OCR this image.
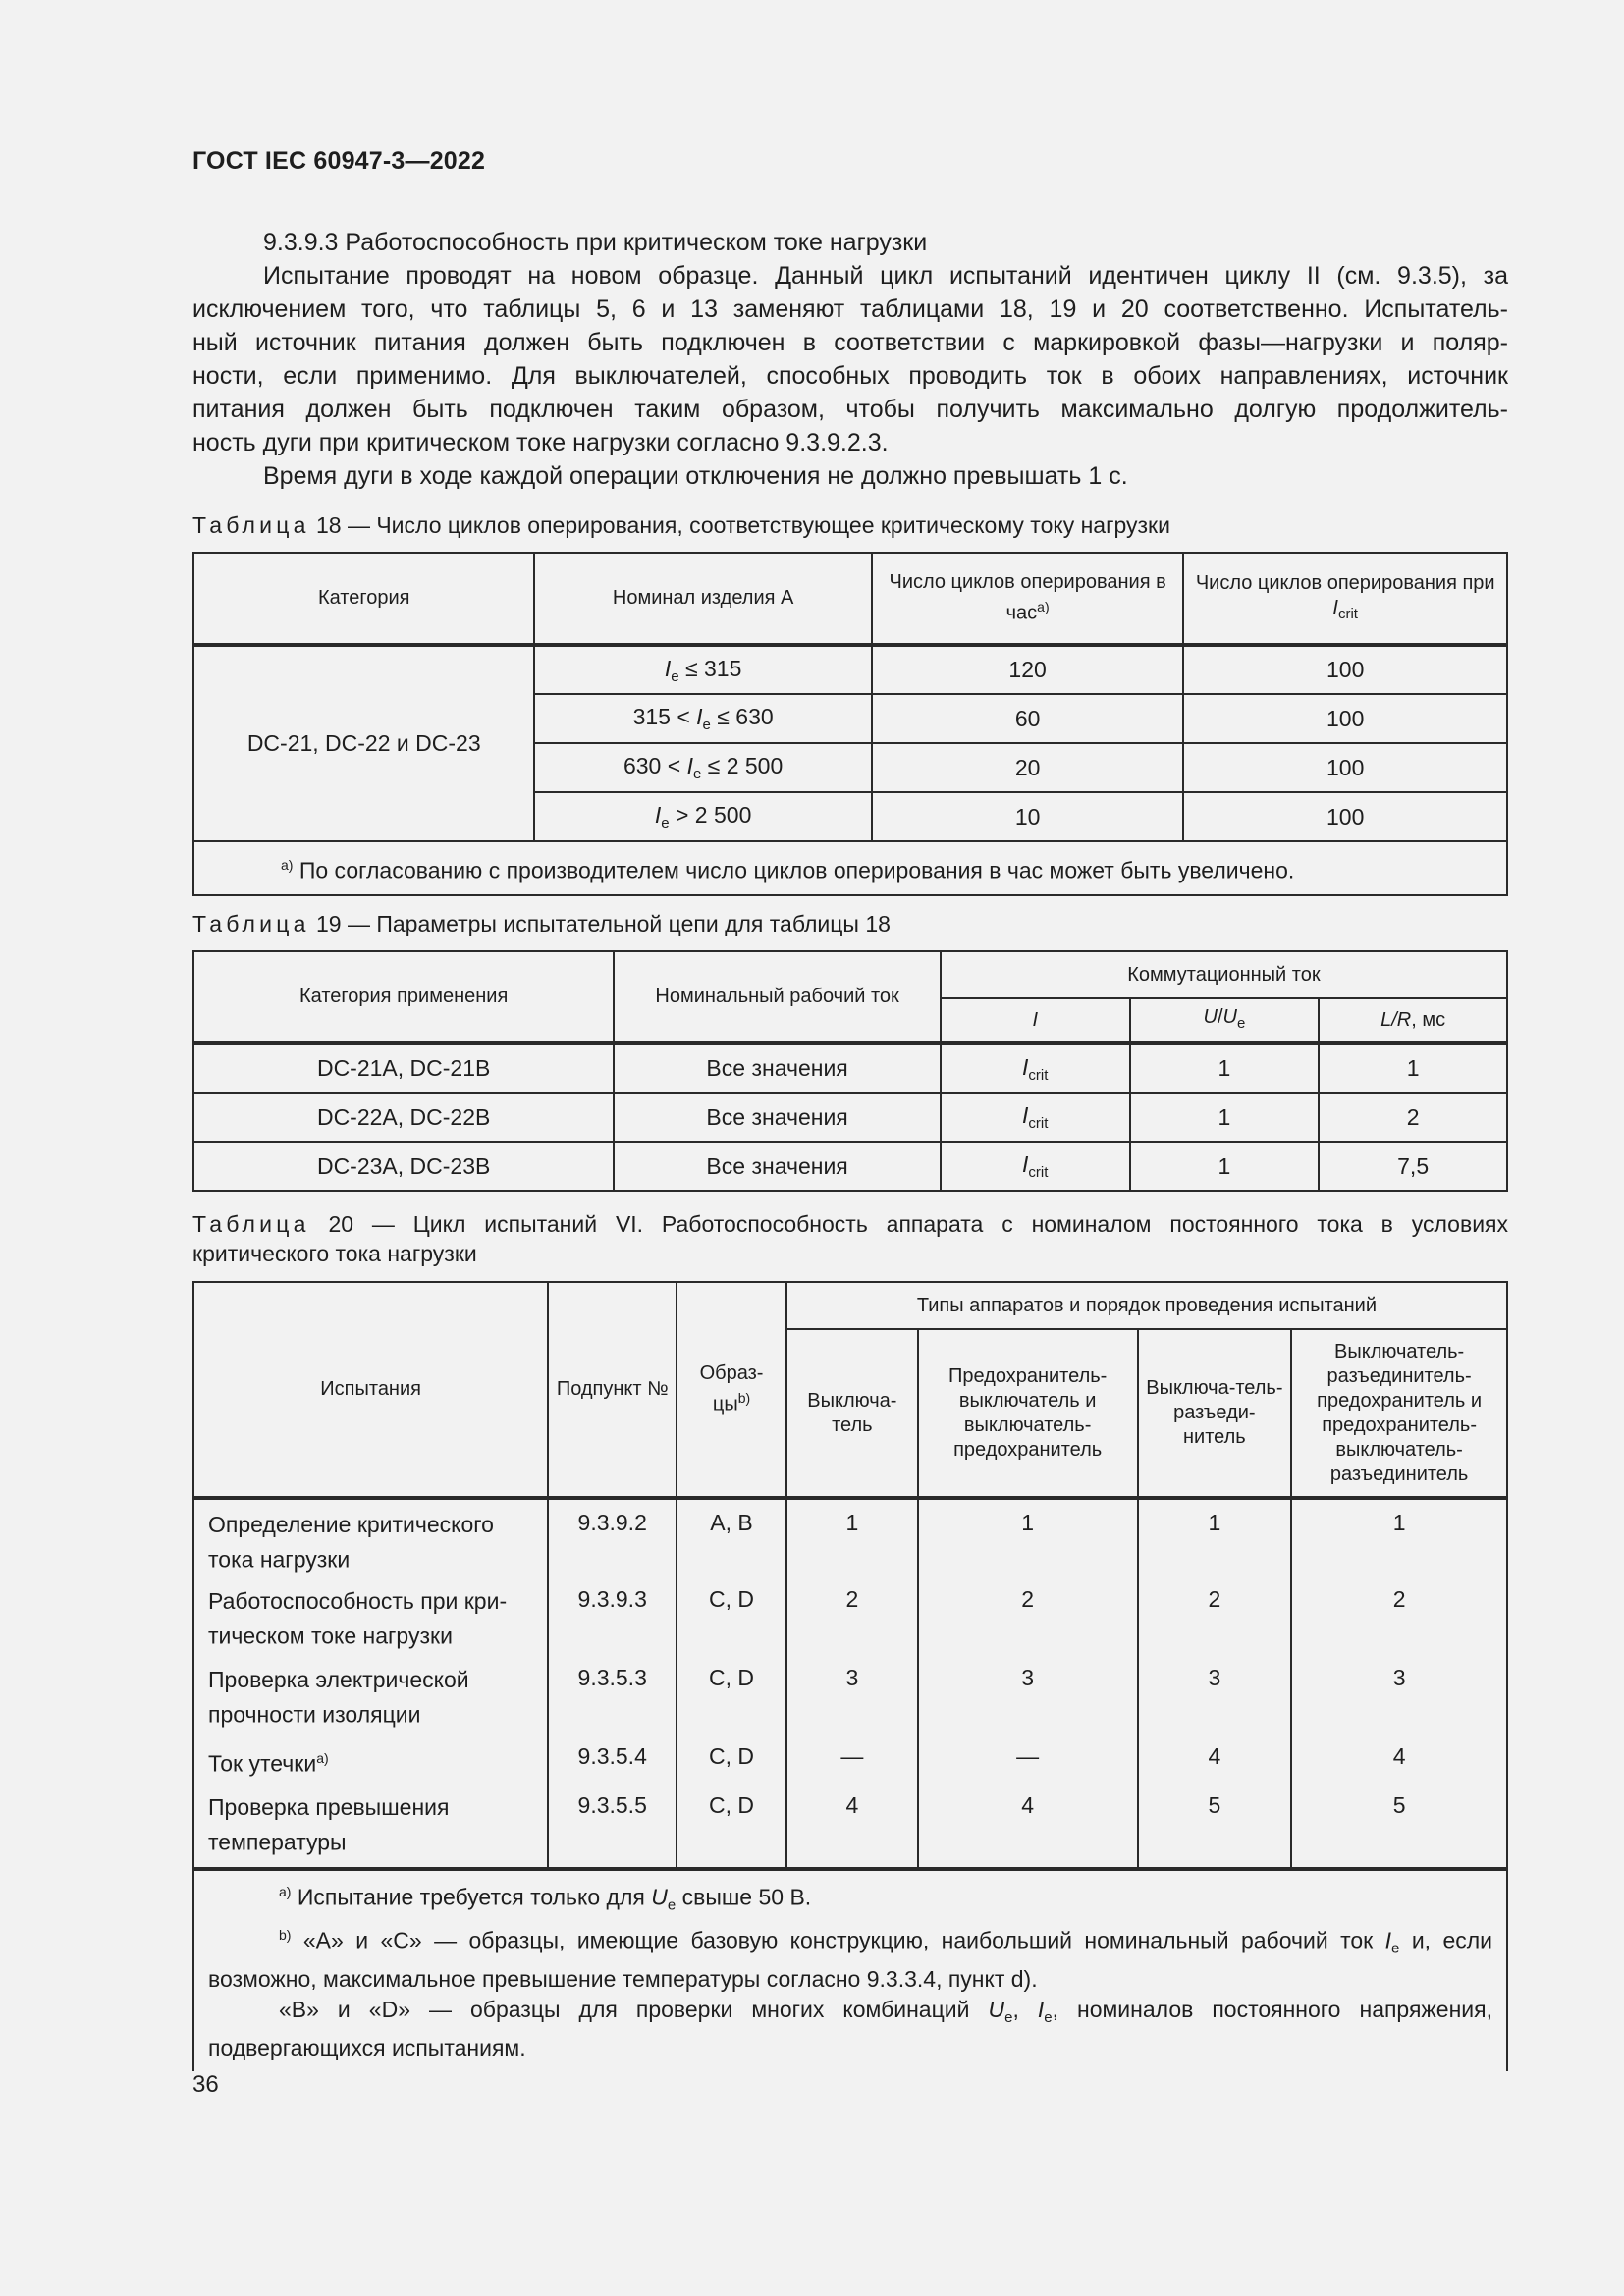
ГОСТ IEC 60947-3—2022
9.3.9.3 Работоспособность при критическом токе нагрузки
Испытание проводят на новом образце. Данный цикл испытаний идентичен циклу II (см. 9.3.5), за
исключением того, что таблицы 5, 6 и 13 заменяют таблицами 18, 19 и 20 соответственно. Испытатель-
ный источник питания должен быть подключен в соответствии с маркировкой фазы—нагрузки и поляр-
ности, если применимо. Для выключателей, способных проводить ток в обоих направлениях, источник
питания должен быть подключен таким образом, чтобы получить максимально долгую продолжитель-
ность дуги при критическом токе нагрузки согласно 9.3.9.2.3.
Время дуги в ходе каждой операции отключения не должно превышать 1 с.
Таблица 18 — Число циклов оперирования, соответствующее критическому току нагрузки
Категория	Номинал изделия А	Число циклов оперирования в час$^{a)}$	Число циклов оперирования при $I_{crit}$
DC-21, DC-22 и DC-23	$I_e \le 315$	120	100
	$315 < I_e \le 630$	60	100
	$630 < I_e \le 2$ 500	20	100
	$I_e > 2$ 500	10	100
$^{a)}$ По согласованию с производителем число циклов оперирования в час может быть увеличено.			
Таблица 19 — Параметры испытательной цепи для таблицы 18
Категория применения	Номинальный рабочий ток	Коммутационный ток		
		I	$U/U_e$	L/R, мс
DC-21A, DC-21B	Все значения	$I_{crit}$	1	1
DC-22A, DC-22B	Все значения	$I_{crit}$	1	2
DC-23A, DC-23B	Все значения	$I_{crit}$	1	7,5
Таблица 20 — Цикл испытаний VI. Работоспособность аппарата с номиналом постоянного тока в условиях
критического тока нагрузки
Испытания	Подпункт №	Образ-$цы^{b)}$	Типы аппаратов и порядок проведения испытаний			
			Выключа-тель	Предохранитель-выключатель и выключатель-предохранитель	Выключа-тель-разъеди-нитель	Выключатель-разъединитель-предохранитель и предохранитель-выключатель-разъединитель
Определение критического тока нагрузки	9.3.9.2	A, B	1	1	1	1
Работоспособность при кри-тическом токе нагрузки	9.3.9.3	C, D	2	2	2	2
Проверка электрической прочности изоляции	9.3.5.3	C, D	3	3	3	3
Ток утечки$^{a)}$	9.3.5.4	C, D	—	—	4	4
Проверка превышения температуры	9.3.5.5	C, D	4	4	5	5

$^{a)}$ Испытание требуется только для $U_e$ свыше 50 В.
$^{b)}$ «A» и «C» — образцы, имеющие базовую конструкцию, наибольший номинальный рабочий ток $I_e$ и, если возможно, максимальное превышение температуры согласно 9.3.3.4, пункт d).
«B» и «D» — образцы для проверки многих комбинаций $U_e$, $I_e$, номиналов постоянного напряжения, подвергающихся испытаниям.						
36
